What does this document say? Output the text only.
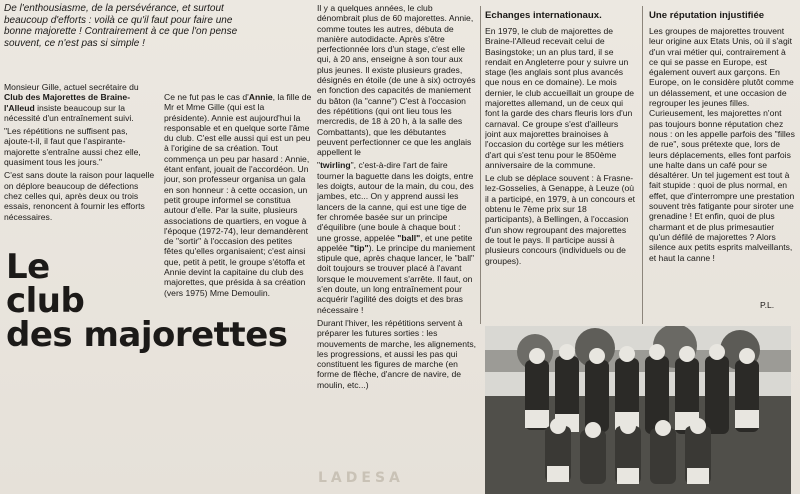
De l'enthousiasme, de la persévérance, et surtout beaucoup d'efforts : voilà ce qu'il faut pour faire une bonne majorette ! Contrairement à ce que l'on pense souvent, ce n'est pas si simple !

Monsieur Gille, actuel secrétaire du Club des Majorettes de Braine-l'Alleud insiste beaucoup sur la nécessité d'un entraînement suivi.

"Les répétitions ne suffisent pas, ajoute-t-il, il faut que l'aspirante-majorette s'entraîne aussi chez elle, quasiment tous les jours."

C'est sans doute la raison pour laquelle on déplore beaucoup de défections chez celles qui, après deux ou trois essais, renoncent à fournir les efforts nécessaires.

Ce ne fut pas le cas d'Annie, la fille de Mr et Mme Gille (qui est la présidente). Annie est aujourd'hui la responsable et en quelque sorte l'âme du club. C'est elle aussi qui est un peu à l'origine de sa création. Tout commença un peu par hasard : Annie, étant enfant, jouait de l'accordéon. Un jour, son professeur organisa un gala en son honneur : à cette occasion, un petit groupe informel se constitua autour d'elle. Par la suite, plusieurs associations de quartiers, en vogue à l'époque (1972-74), leur demandèrent de "sortir" à l'occasion des petites fêtes qu'elles organisaient; c'est ainsi que, petit à petit, le groupe s'étoffa et Annie devint la capitaine du club des majorettes, que présida à sa création (vers 1975) Mme Demoulin.

Le
club
des majorettes

Il y a quelques années, le club dénombrait plus de 60 majorettes. Annie, comme toutes les autres, débuta de manière autodidacte. Après s'être perfectionnée lors d'un stage, c'est elle qui, à 20 ans, enseigne à son tour aux plus jeunes. Il existe plusieurs grades, désignés en étoile (de une à six) octroyés en fonction des capacités de maniement du bâton (la "canne") C'est à l'occasion des répétitions (qui ont lieu tous les mercredis, de 18 à 20 h, à la salle des Combattants), que les débutantes peuvent perfectionner ce que les anglais appellent le

"twirling", c'est-à-dire l'art de faire tourner la baguette dans les doigts, entre les doigts, autour de la main, du cou, des jambes, etc... On y apprend aussi les lancers de la canne, qui est une tige de fer chromée basée sur un principe d'équilibre (une boule à chaque bout : une grosse, appelée "ball", et une petite appelée "tip"). Le principe du maniement stipule que, après chaque lancer, le "ball" doit toujours se trouver placé à l'avant lorsque le mouvement s'arrête. Il faut, on s'en doute, un long entraînement pour acquérir l'agilité des doigts et des bras nécessaire !

Durant l'hiver, les répétitions servent à préparer les futures sorties : les mouvements de marche, les alignements, les progressions, et aussi les pas qui constituent les figures de marche (en forme de flèche, d'ancre de navire, de moulin, etc...)

Echanges internationaux.

En 1979, le club de majorettes de Braine-l'Alleud recevait celui de Basingstoke; un an plus tard, il se rendait en Angleterre pour y suivre un stage (les anglais sont plus avancés que nous en ce domaine). Le mois dernier, le club accueillait un groupe de majorettes allemand, un de ceux qui font la garde des chars fleuris lors d'un carnaval. Ce groupe s'est d'ailleurs joint aux majorettes brainoises à l'occasion du cortège sur les métiers d'art qui s'est tenu pour le 850ème anniversaire de la commune.

Le club se déplace souvent : à Frasne-lez-Gosselies, à Genappe, à Leuze (où il a participé, en 1979, à un concours et obtenu le 7ème prix sur 18 participants), à Bellingen, à l'occasion d'un show regroupant des majorettes de tout le pays. Il participe aussi à plusieurs concours (individuels ou de groupes).

Une réputation injustifiée

Les groupes de majorettes trouvent leur origine aux Etats Unis, où il s'agit d'un vrai métier qui, contrairement à ce qui se passe en Europe, est également ouvert aux garçons. En Europe, on le considère plutôt comme un délassement, et une occasion de regrouper les jeunes filles. Curieusement, les majorettes n'ont pas toujours bonne réputation chez nous : on les appelle parfois des "filles de rue", sous prétexte que, lors de leurs déplacements, elles font parfois une halte dans un café pour se désaltérer. Un tel jugement est tout à fait stupide : quoi de plus normal, en effet, que d'interrompre une prestation souvent très fatigante pour siroter une grenadine ! Et enfin, quoi de plus charmant et de plus primesautier qu'un défilé de majorettes ? Alors silence aux petits esprits malveillants, et haut la canne !

P.L.
LADESA
